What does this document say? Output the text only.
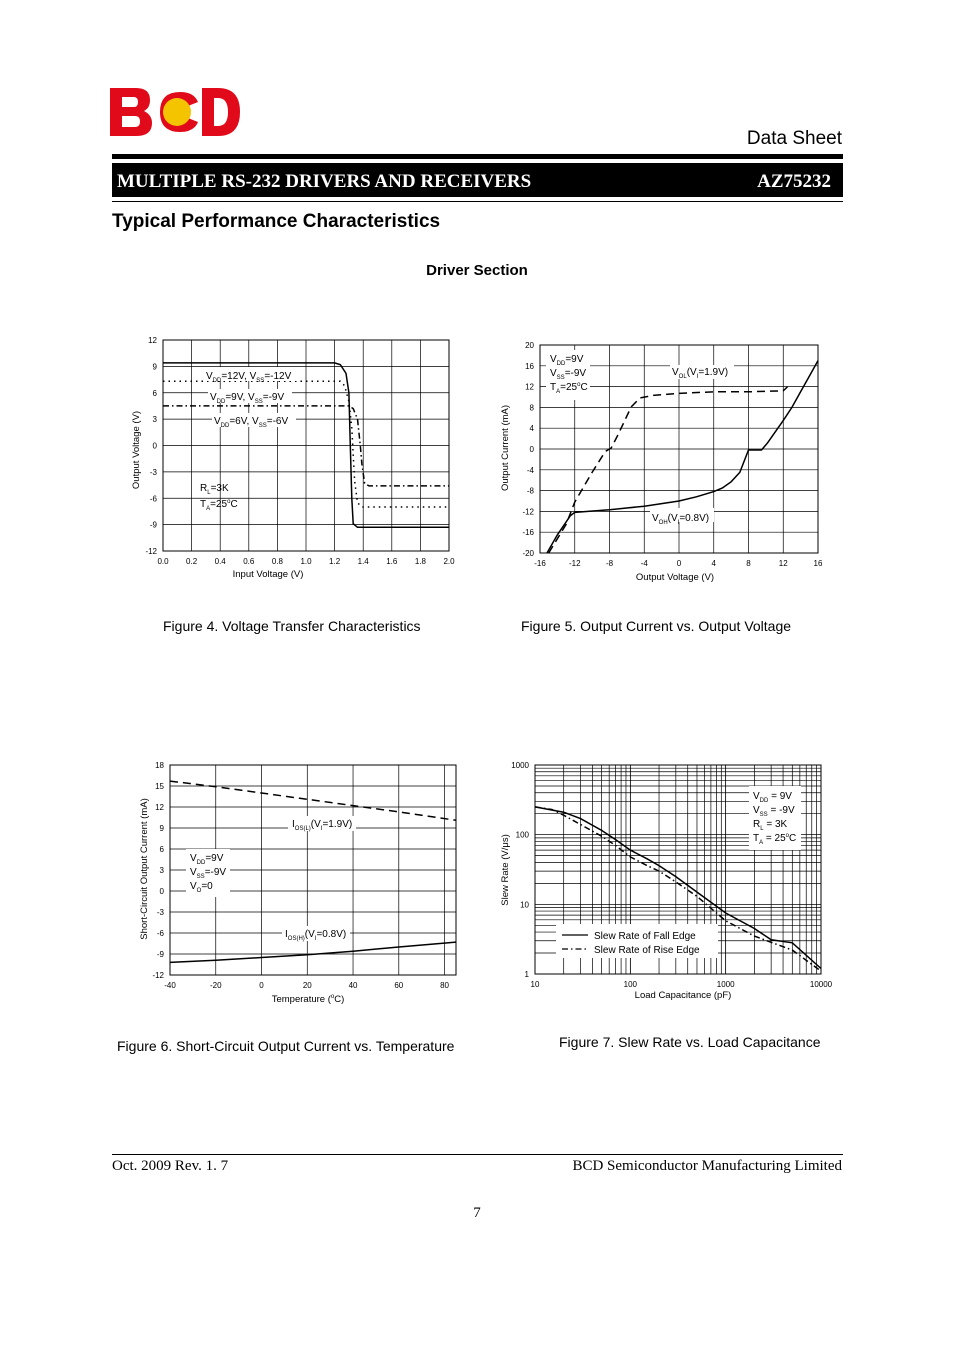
Data Sheet
MULTIPLE RS-232 DRIVERS AND RECEIVERS	AZ75232
Typical Performance Characteristics
Driver Section
0.0 0.2 0.4 0.6 0.8 1.0 1.2 1.4 1.6 1.8 2.0
12
9
6
3
0
-3
-6
-9
-12
Input Voltage (V)
Output Voltage (V)
$V_{DD}=12V$, $V_{SS}=-12V$
$V_{DD}=9V$, $V_{SS}=-9V$
$V_{DD}=6V$, $V_{SS}=-6V$
$R_L=3K$
$T_A=25^oC$
Figure 4. Voltage Transfer Characteristics
-16	-12	-8	-4	0	4	8	12	16
20
16
12
8
4
0
-4
-8
-12
-16
-20
Output Voltage (V)
Output Current (mA)
$V_{DD}=9V$
$V_{SS}=-9V$
$T_A=25^oC$
$V_{OL}(V_I=1.9V)$
$V_{OH}(V_I=0.8V)$
Figure 5. Output Current vs. Output Voltage
-40	-20	0	20	40	60	80
18
15
12
9
6
3
0
-3
-6
-9
-12
Temperature ($^o$C)
Short-Circuit Output Current (mA)	$V_{DD}=9V$
$V_{SS}=-9V$
$V_O=0$
$I_{OS(L)}(V_I=1.9V)$
$I_{OS(H)}(V_I=0.8V)$
Figure 6. Short-Circuit Output Current vs. Temperature
10	100	1000	10000
1000
100
10
1
Load Capacitance (pF)
Slew Rate (V/μs)
$V_{DD} = 9V$
$V_{SS} = -9V$
$R_L = 3K$
$T_A = 25^oC$
Slew Rate of Fall Edge
Slew Rate of Rise Edge
Figure 7. Slew Rate vs. Load Capacitance
Oct. 2009 Rev. 1. 7	BCD Semiconductor Manufacturing Limited
7
